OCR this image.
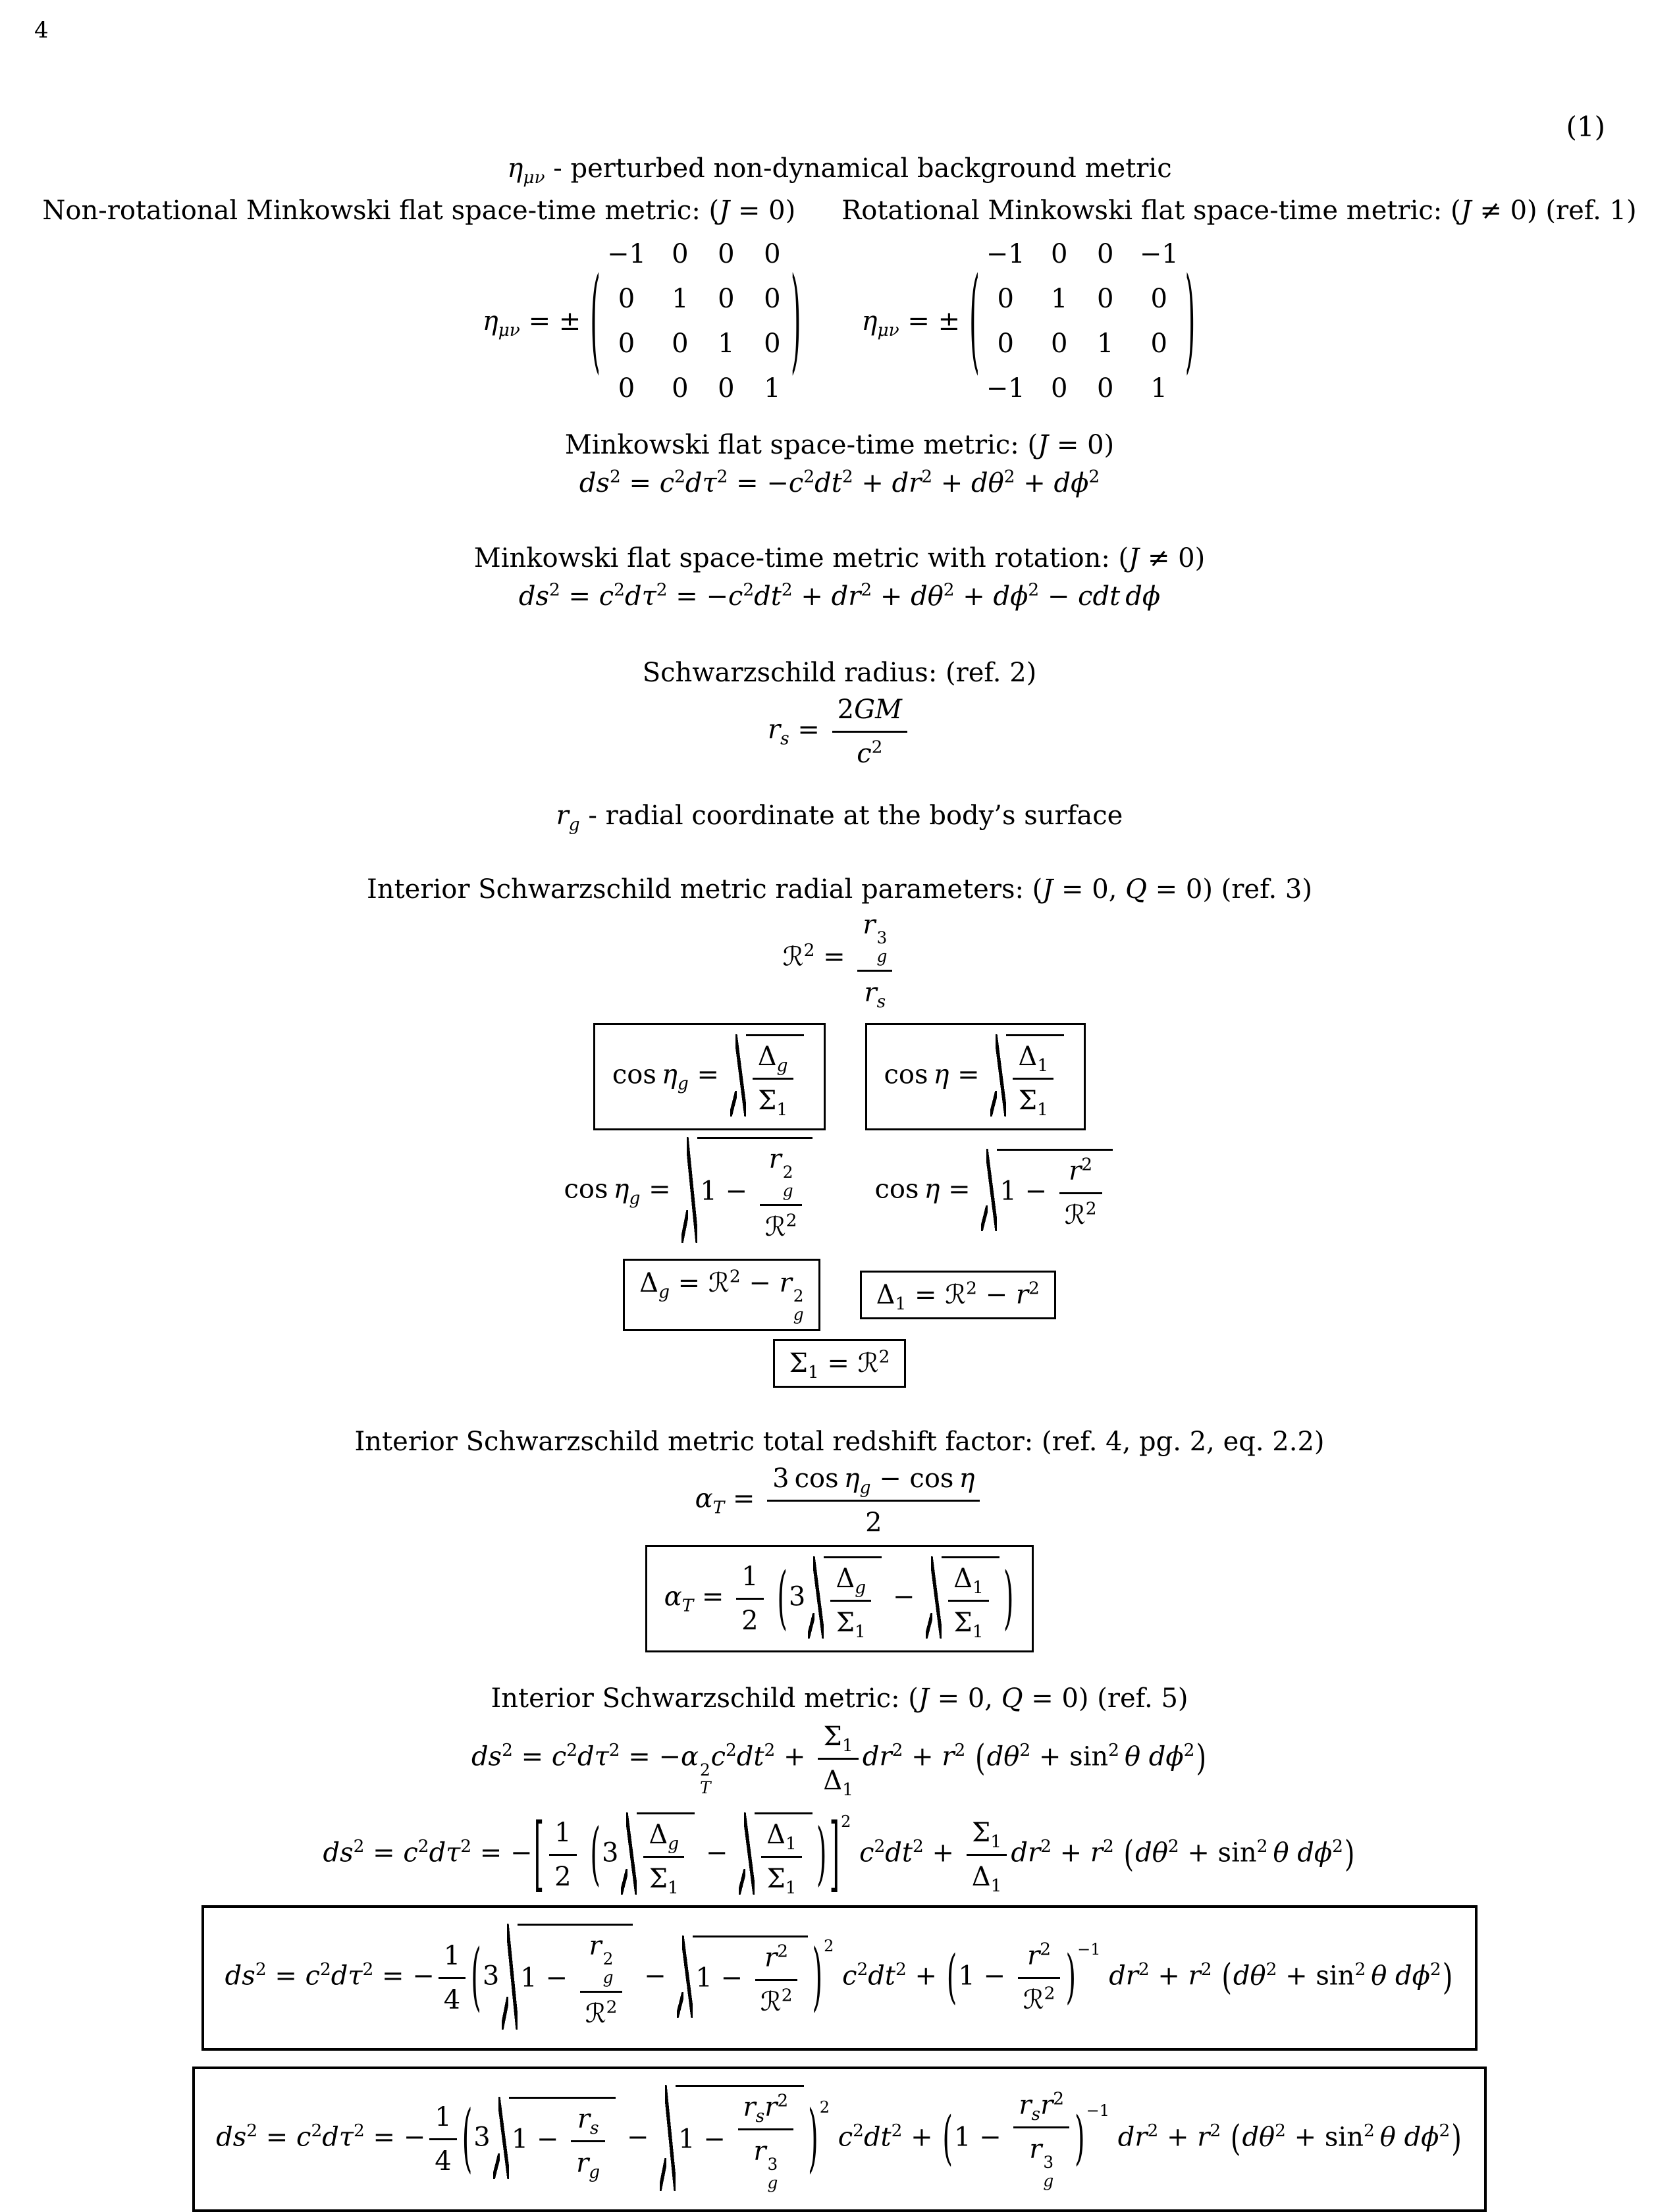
4
(1)
$\eta_{\mu\nu}$ - perturbed non-dynamical background metric
Non-rotational Minkowski flat space-time metric: (J = 0) Rotational Minkowski flat space-time metric: (J ≠ 0) (ref. 1)
$\eta_{\mu\nu}$ = ± (
−1 0 0 0
0	1 0 0
0	0 1 0
0	0 0 1
) $\eta_{\mu\nu}$ = ± (
−1 0 0 −1
0	1 0	0
0	0 1	0
−1 0 0	1
)
Minkowski flat space-time metric: (J = 0)
$ds^2 = c^2d\tau^2 = -c^2dt^2 + dr^2 + d\theta^2 + d\phi^2$
Minkowski flat space-time metric with rotation: (J ≠ 0)
$ds^2 = c^2d\tau^2 = -c^2dt^2 + dr^2 + d\theta^2 + d\phi^2$ − cdt  dϕ
Schwarzschild radius: (ref. 2)
$r_s = \frac{2GM}{c^2}$
$r_g$ - radial coordinate at the body’s surface
Interior Schwarzschild metric radial parameters: (J = 0, Q = 0) (ref. 3)
ℛ$^2$ = r 3
g
$r_s$
$\cos \eta_g = \frac{\Delta_g}{\Sigma_1}$	$\cos \eta = \frac{\Delta_1}{\Sigma_1}$
$\cos \eta_g = 1 - r$ 2
g
ℛ$^2$	$\cos \eta = 1 - \frac{r^2}{ℛ^2}$
$\Delta_g$ = ℛ$^2$ − r 2
g
$\Delta_1$ = ℛ$^2$ − $r^2$
$\Sigma_1$ = ℛ$^2$
Interior Schwarzschild metric total redshift factor: (ref. 4, pg. 2, eq. 2.2)
$\alpha_T = \frac{3 \cos \eta_g - \cos \eta}{2}$
$\alpha_T = \frac{1}{2} (3 \frac{\Delta_g}{\Sigma_1} - \frac{\Delta_1}{\Sigma_1}$ )
Interior Schwarzschild metric: (J = 0, Q = 0) (ref. 5)
$ds^2 = c^2d\tau^2 = -\alpha$ 2
T
$c^2dt^2 + \frac{\Sigma_1}{\Delta_1} dr^2 + r^2$ ($d\theta^2 + \sin^2 \theta$ $d\phi^2$)
$ds^2 = c^2d\tau^2$ = −[ $\frac{1}{2} (3 \frac{\Delta_g}{\Sigma_1} - \frac{\Delta_1}{\Sigma_1}$ ) ]$^2$ $c^2dt^2 + \frac{\Sigma_1}{\Delta_1} dr^2 + r^2$ ($d\theta^2 + \sin^2 \theta$ $d\phi^2$)
$ds^2 = c^2d\tau^2$ = − $\frac{1}{4} (3$ 1 − r 2
g
ℛ$^2$ − $1 - \frac{r^2}{ℛ^2} )^2$ $c^2dt^2 + (1 - \frac{r^2}{ℛ^2} )^{-1}$ $dr^2 + r^2$ ($d\theta^2 + \sin^2 \theta$ $d\phi^2$)
$ds^2 = c^2d\tau^2$ = − $\frac{1}{4} (3$ $1 - \frac{r_s}{r_g} - 1 - r_sr^2$
r 3
g )$^2$ $c^2dt^2 + (1 - r_sr^2$
r 3
g )$^{-1}$ $dr^2 + r^2$ ($d\theta^2 + \sin^2 \theta$ $d\phi^2$)
